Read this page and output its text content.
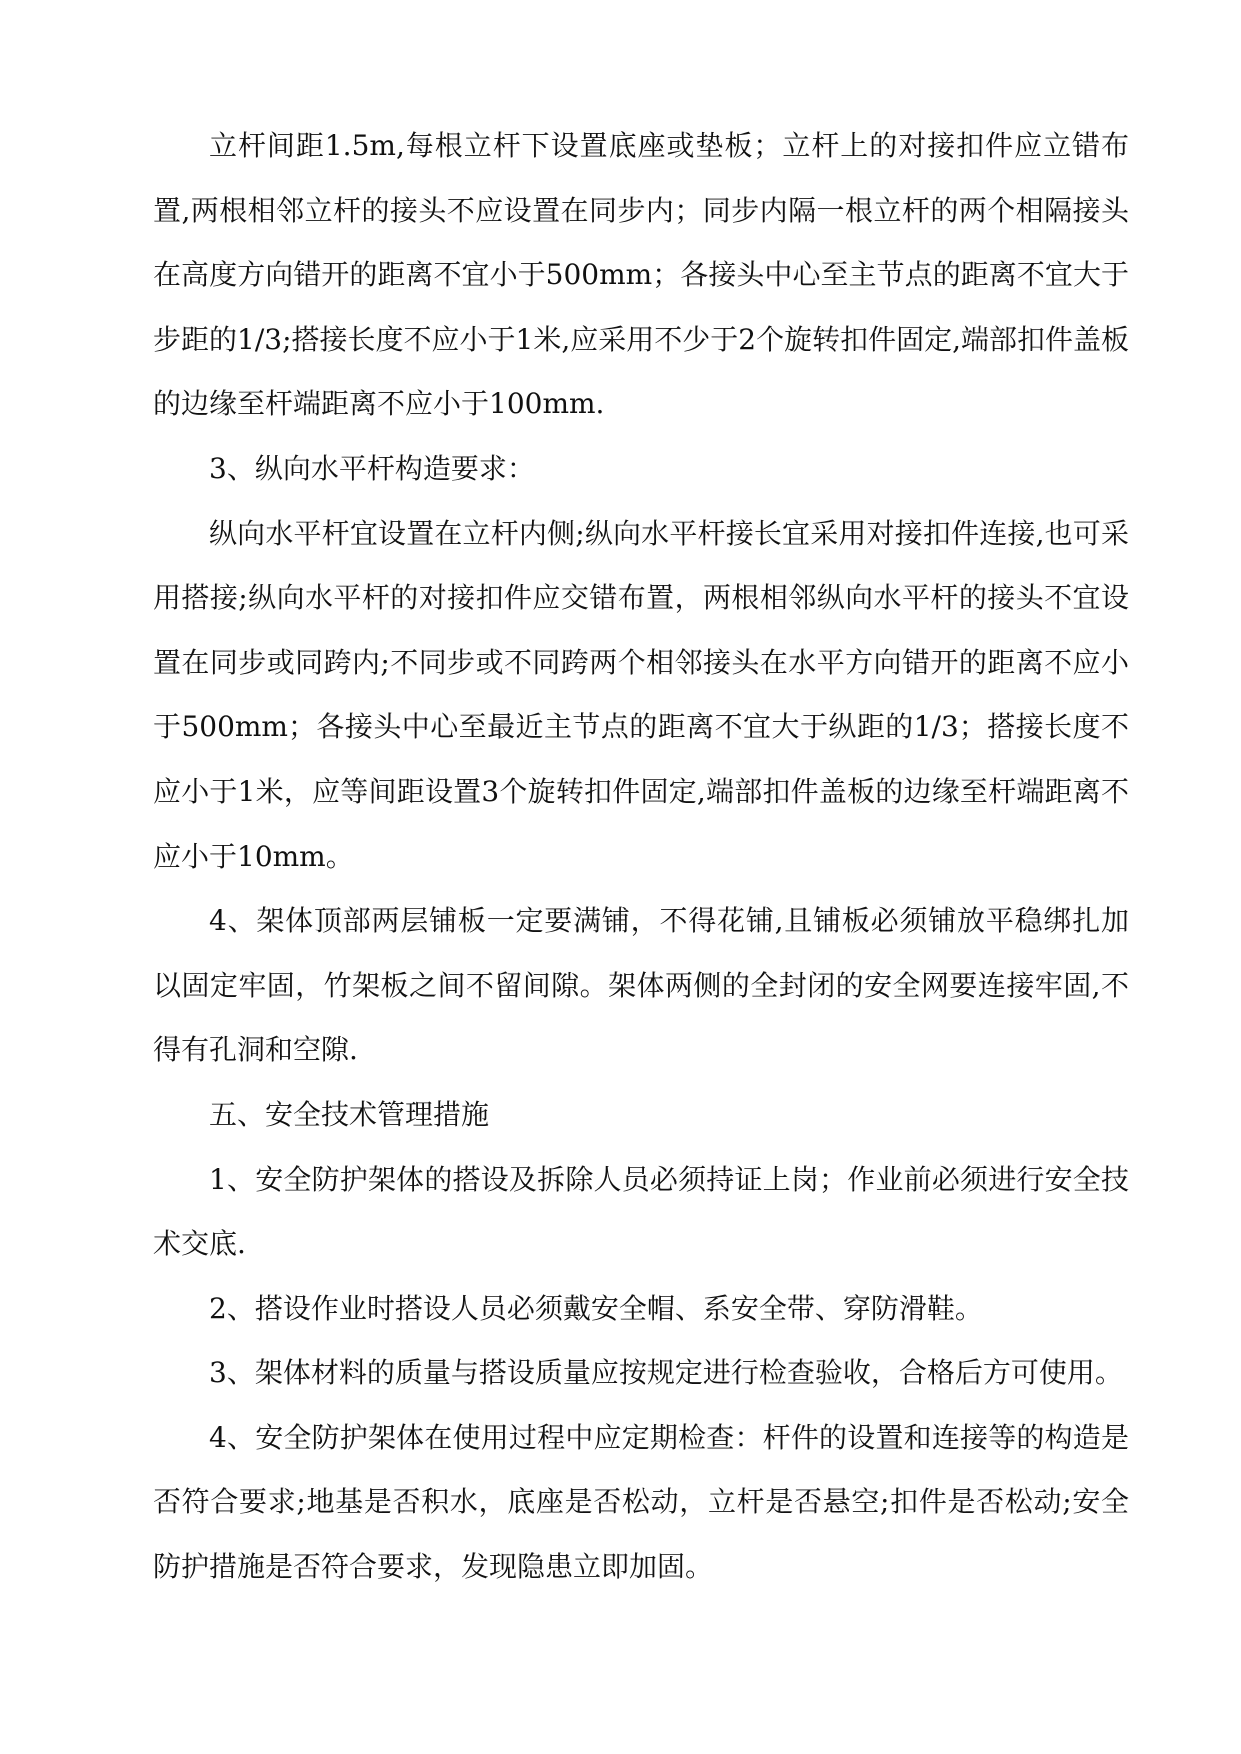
立杆间距1.5m,每根立杆下设置底座或垫板；立杆上的对接扣件应立错布置,两根相邻立杆的接头不应设置在同步内；同步内隔一根立杆的两个相隔接头在高度方向错开的距离不宜小于500mm；各接头中心至主节点的距离不宜大于步距的1/3;搭接长度不应小于1米,应采用不少于2个旋转扣件固定,端部扣件盖板的边缘至杆端距离不应小于100mm.

3、纵向水平杆构造要求：

纵向水平杆宜设置在立杆内侧;纵向水平杆接长宜采用对接扣件连接,也可采用搭接;纵向水平杆的对接扣件应交错布置，两根相邻纵向水平杆的接头不宜设置在同步或同跨内;不同步或不同跨两个相邻接头在水平方向错开的距离不应小于500mm；各接头中心至最近主节点的距离不宜大于纵距的1/3；搭接长度不应小于1米，应等间距设置3个旋转扣件固定,端部扣件盖板的边缘至杆端距离不应小于10mm。

4、架体顶部两层铺板一定要满铺，不得花铺,且铺板必须铺放平稳绑扎加以固定牢固，竹架板之间不留间隙。架体两侧的全封闭的安全网要连接牢固,不得有孔洞和空隙.

五、安全技术管理措施

1、安全防护架体的搭设及拆除人员必须持证上岗；作业前必须进行安全技术交底.

2、搭设作业时搭设人员必须戴安全帽、系安全带、穿防滑鞋。

3、架体材料的质量与搭设质量应按规定进行检查验收，合格后方可使用。

4、安全防护架体在使用过程中应定期检查：杆件的设置和连接等的构造是否符合要求;地基是否积水，底座是否松动，立杆是否悬空;扣件是否松动;安全防护措施是否符合要求，发现隐患立即加固。
